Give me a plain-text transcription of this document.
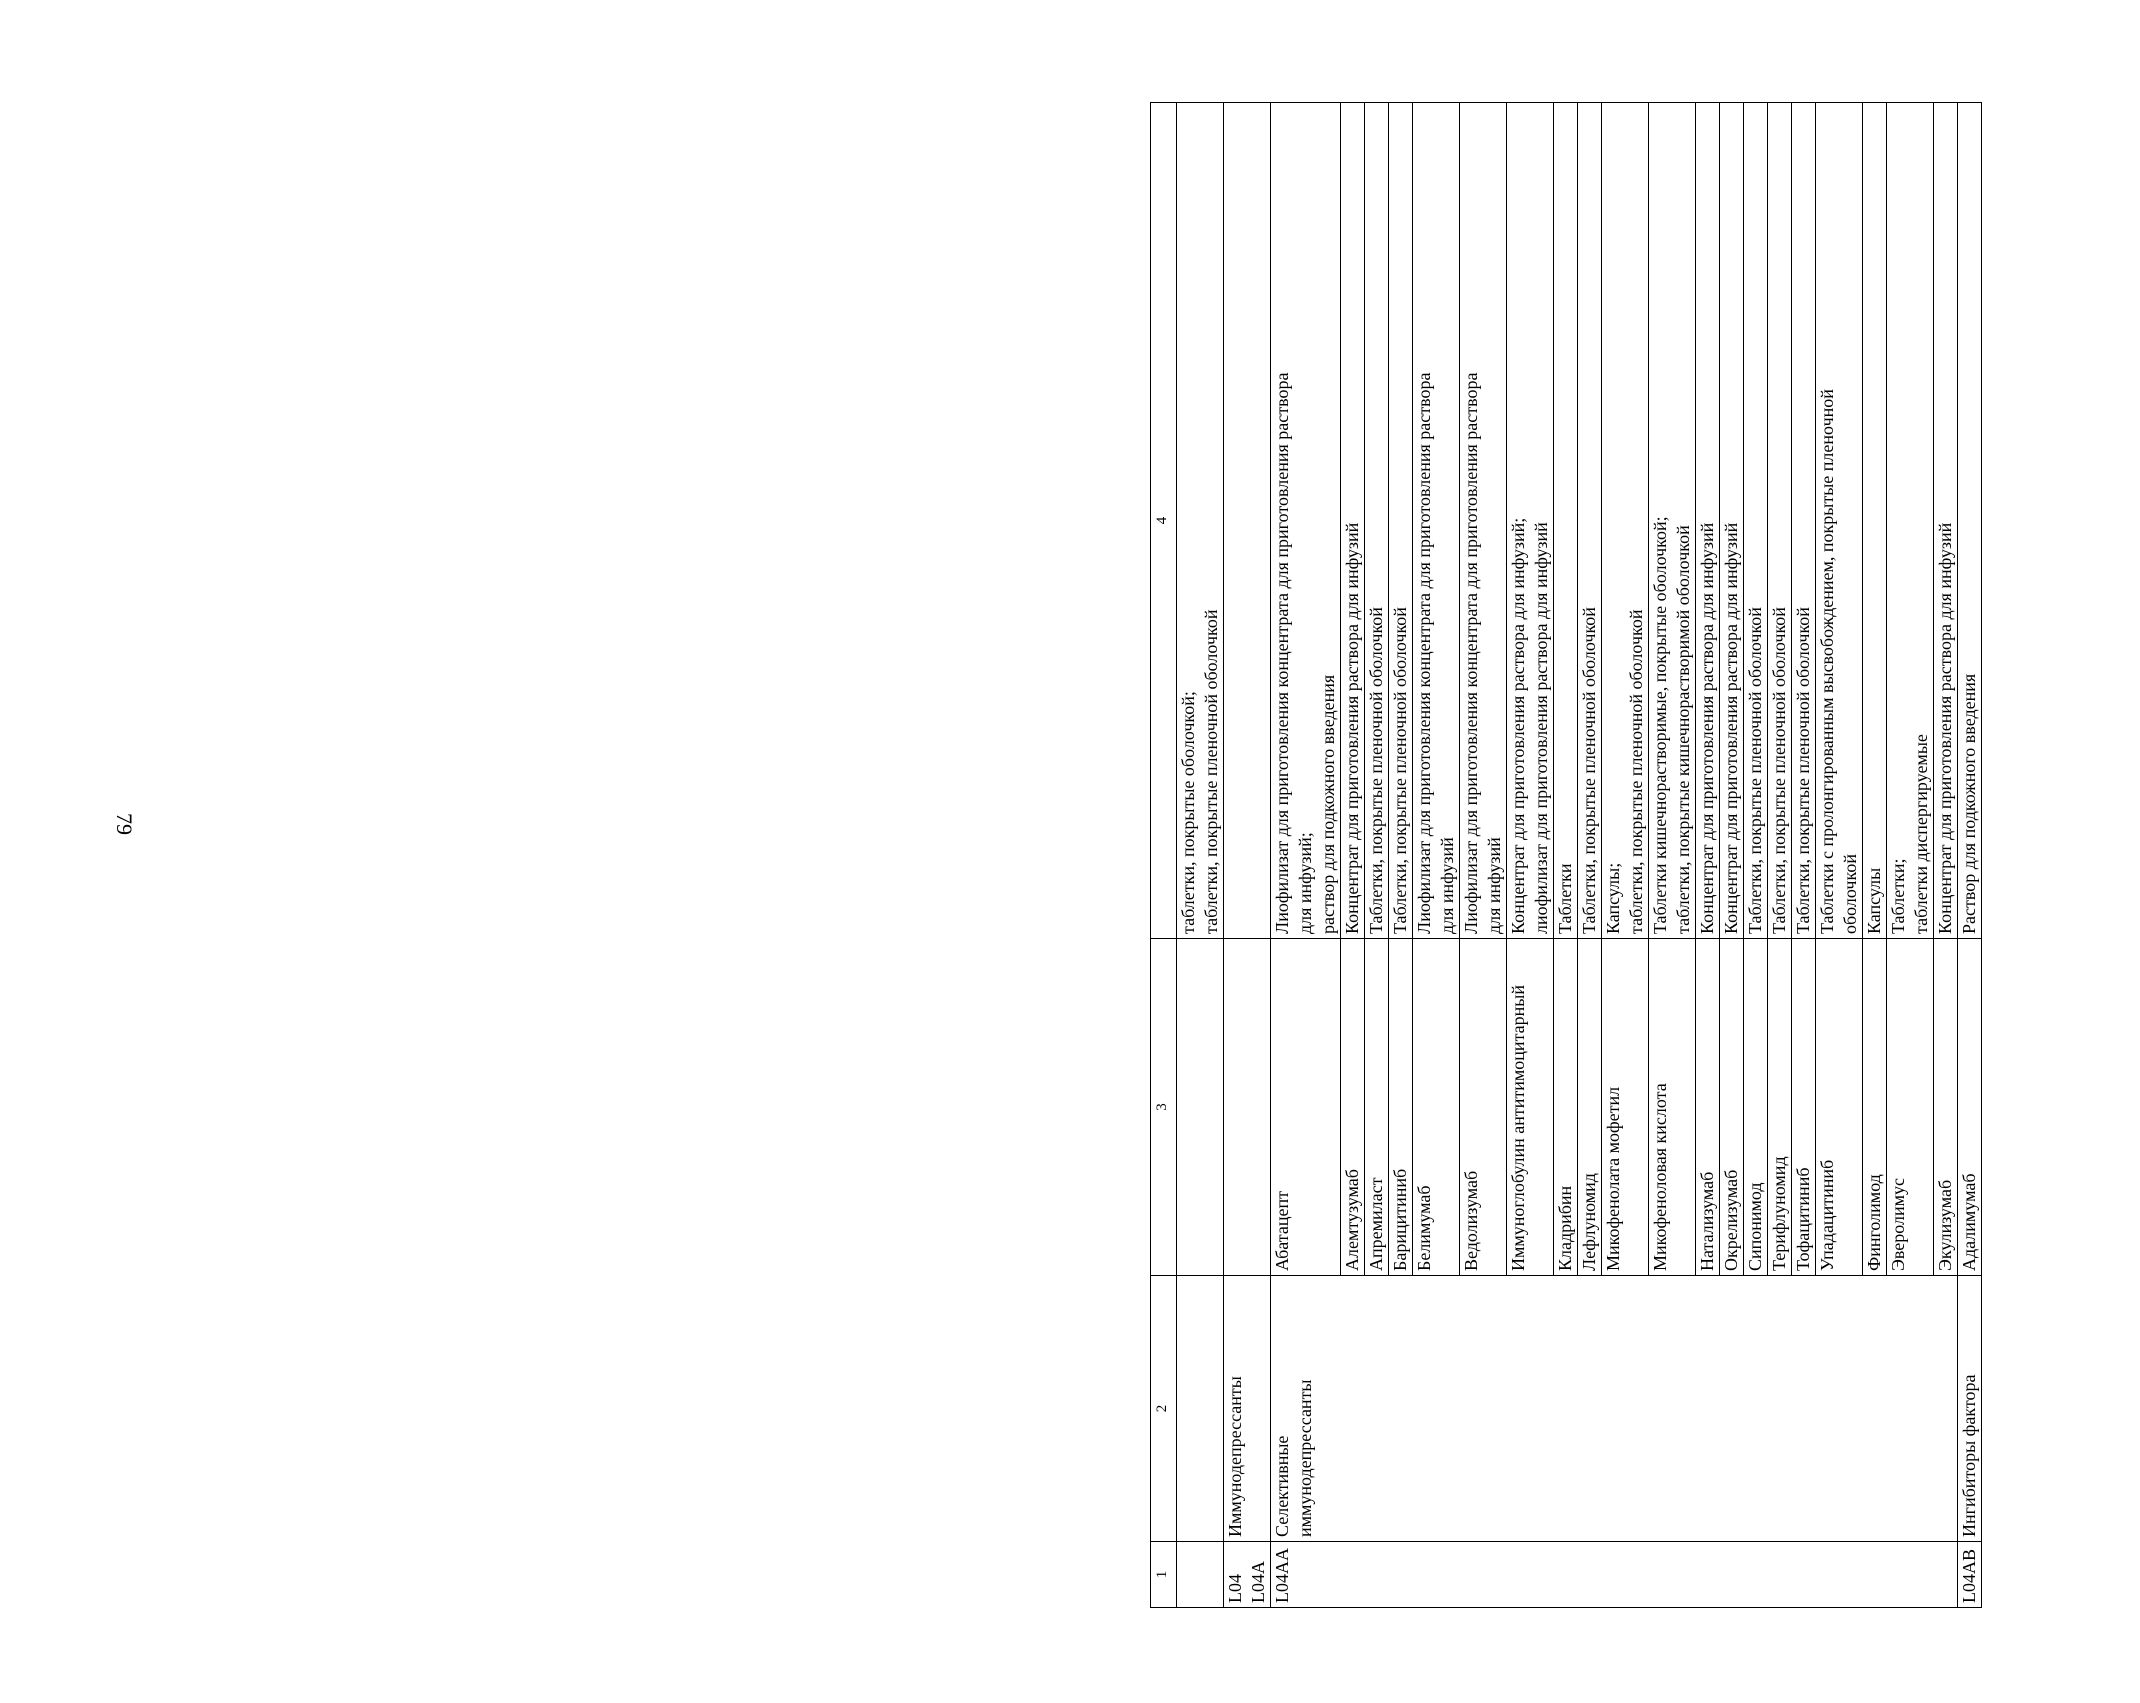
79
1	2	3	4

			таблетки, покрытые оболочкой; таблетки, покрытые пленочной оболочкой

L04 L04A	Иммунодепрессанты		

L04AA	Селективные иммунодепрессанты	Абатацепт	Лиофилизат для приготовления концентрата для приготовления раствора для инфузий; раствор для подкожного введения

		Алемтузумаб	Концентрат для приготовления раствора для инфузий

		Апремиласт	Таблетки, покрытые пленочной оболочкой

		Барицитиниб	Таблетки, покрытые пленочной оболочкой

		Белимумаб	Лиофилизат для приготовления концентрата для приготовления раствора для инфузий

		Ведолизумаб	Лиофилизат для приготовления концентрата для приготовления раствора для инфузий

		Иммуноглобулин антитимоцитарный	Концентрат для приготовления раствора для инфузий; лиофилизат для приготовления раствора для инфузий

		Кладрибин	Таблетки

		Лефлуномид	Таблетки, покрытые пленочной оболочкой

		Микофенолата мофетил	Капсулы; таблетки, покрытые пленочной оболочкой

		Микофеноловая кислота	Таблетки кишечнорастворимые, покрытые оболочкой; таблетки, покрытые кишечнорастворимой оболочкой

		Натализумаб	Концентрат для приготовления раствора для инфузий

		Окрелизумаб	Концентрат для приготовления раствора для инфузий

		Сипонимод	Таблетки, покрытые пленочной оболочкой

		Терифлуномид	Таблетки, покрытые пленочной оболочкой

		Тофацитиниб	Таблетки, покрытые пленочной оболочкой

		Упадацитиниб	Таблетки с пролонгированным высвобождением, покрытые пленочной оболочкой

		Финголимод	Капсулы

		Эверолимус	Таблетки; таблетки диспергируемые

		Экулизумаб	Концентрат для приготовления раствора для инфузий

L04AB	Ингибиторы фактора	Адалимумаб	Раствор для подкожного введения
